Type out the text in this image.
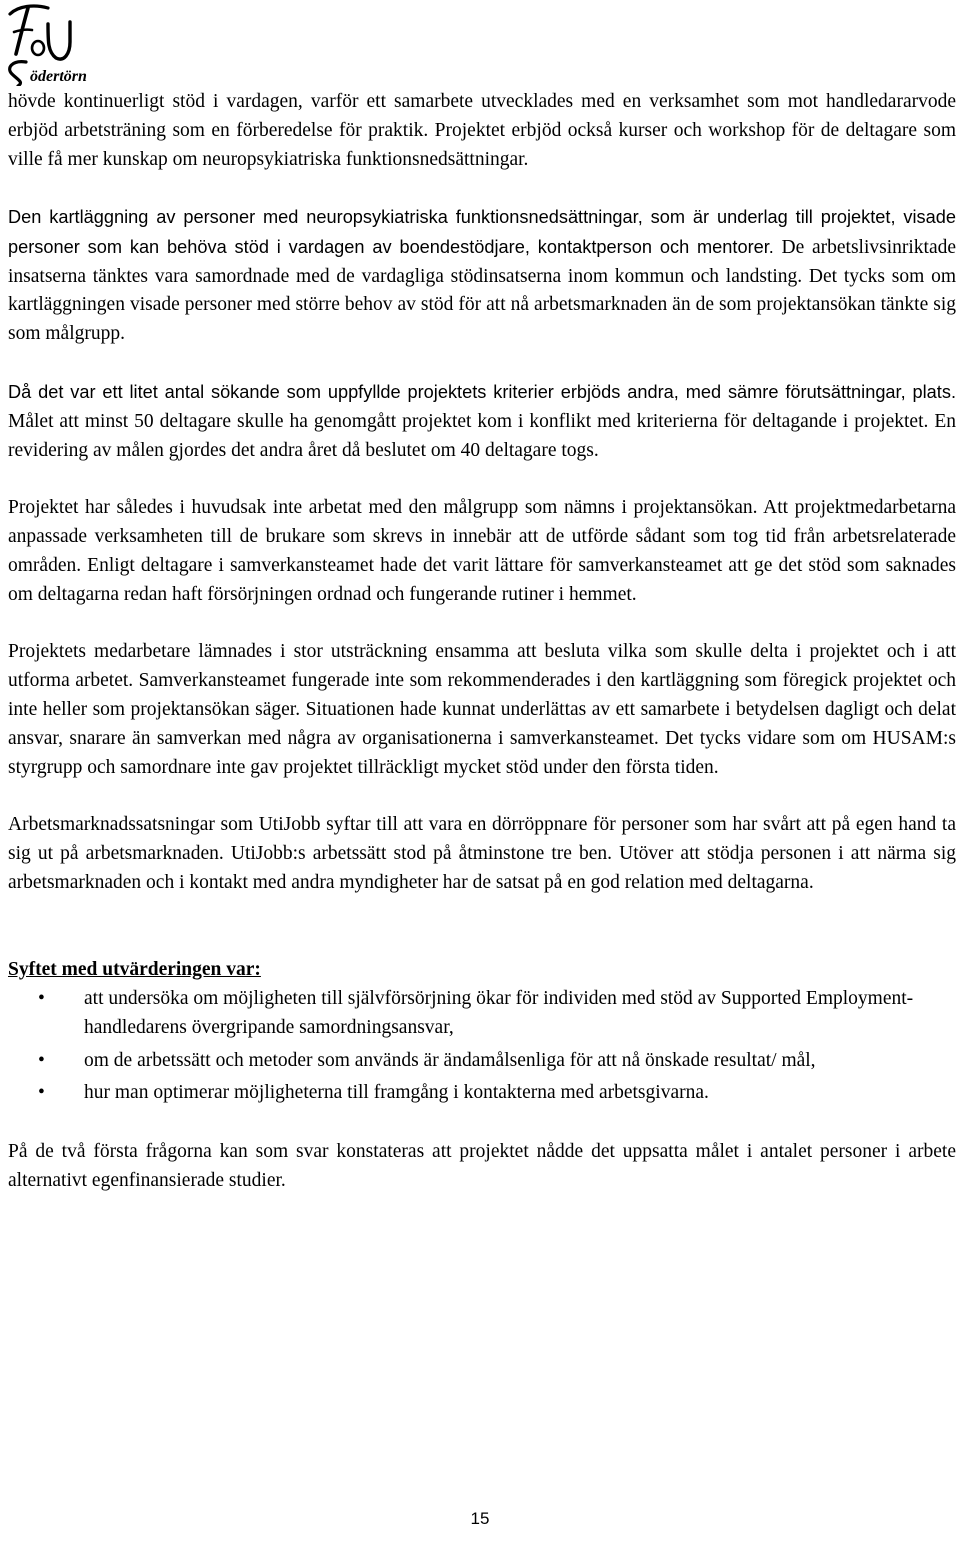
ödertörn

hövde kontinuerligt stöd i vardagen, varför ett samarbete utvecklades med en verksamhet som mot handledararvode erbjöd arbetsträning som en förberedelse för praktik. Projektet erbjöd också kurser och workshop för de deltagare som ville få mer kunskap om neuropsykiatriska funktionsnedsättningar.

Den kartläggning av personer med neuropsykiatriska funktionsnedsättningar, som är underlag till projektet, visade personer som kan behöva stöd i vardagen av boendestödjare, kontaktperson och mentorer. De arbetslivsinriktade insatserna tänktes vara samordnade med de vardagliga stödinsatserna inom kommun och landsting. Det tycks som om kartläggningen visade personer med större behov av stöd för att nå arbetsmarknaden än de som projektansökan tänkte sig som målgrupp.

Då det var ett litet antal sökande som uppfyllde projektets kriterier erbjöds andra, med sämre förutsättningar, plats. Målet att minst 50 deltagare skulle ha genomgått projektet kom i konflikt med kriterierna för deltagande i projektet. En revidering av målen gjordes det andra året då beslutet om 40 deltagare togs.

Projektet har således i huvudsak inte arbetat med den målgrupp som nämns i projektansökan. Att projektmedarbetarna anpassade verksamheten till de brukare som skrevs in innebär att de utförde sådant som tog tid från arbetsrelaterade områden. Enligt deltagare i samverkansteamet hade det varit lättare för samverkansteamet att ge det stöd som saknades om deltagarna redan haft försörjningen ordnad och fungerande rutiner i hemmet.

Projektets medarbetare lämnades i stor utsträckning ensamma att besluta vilka som skulle delta i projektet och i att utforma arbetet. Samverkansteamet fungerade inte som rekommenderades i den kartläggning som föregick projektet och inte heller som projektansökan säger. Situationen hade kunnat underlättas av ett samarbete i betydelsen dagligt och delat ansvar, snarare än samverkan med några av organisationerna i samverkansteamet. Det tycks vidare som om HUSAM:s styrgrupp och samordnare inte gav projektet tillräckligt mycket stöd under den första tiden.

Arbetsmarknadssatsningar som UtiJobb syftar till att vara en dörröppnare för personer som har svårt att på egen hand ta sig ut på arbetsmarknaden. UtiJobb:s arbetssätt stod på åtminstone tre ben. Utöver att stödja personen i att närma sig arbetsmarknaden och i kontakt med andra myndigheter har de satsat på en god relation med deltagarna.

Syftet med utvärderingen var:

• att undersöka om möjligheten till självförsörjning ökar för individen med stöd av Supported Employment-handledarens övergripande samordningsansvar,
• om de arbetssätt och metoder som används är ändamålsenliga för att nå önskade resultat/ mål,
• hur man optimerar möjligheterna till framgång i kontakterna med arbetsgivarna.

På de två första frågorna kan som svar konstateras att projektet nådde det uppsatta målet i antalet personer i arbete alternativt egenfinansierade studier.

15
